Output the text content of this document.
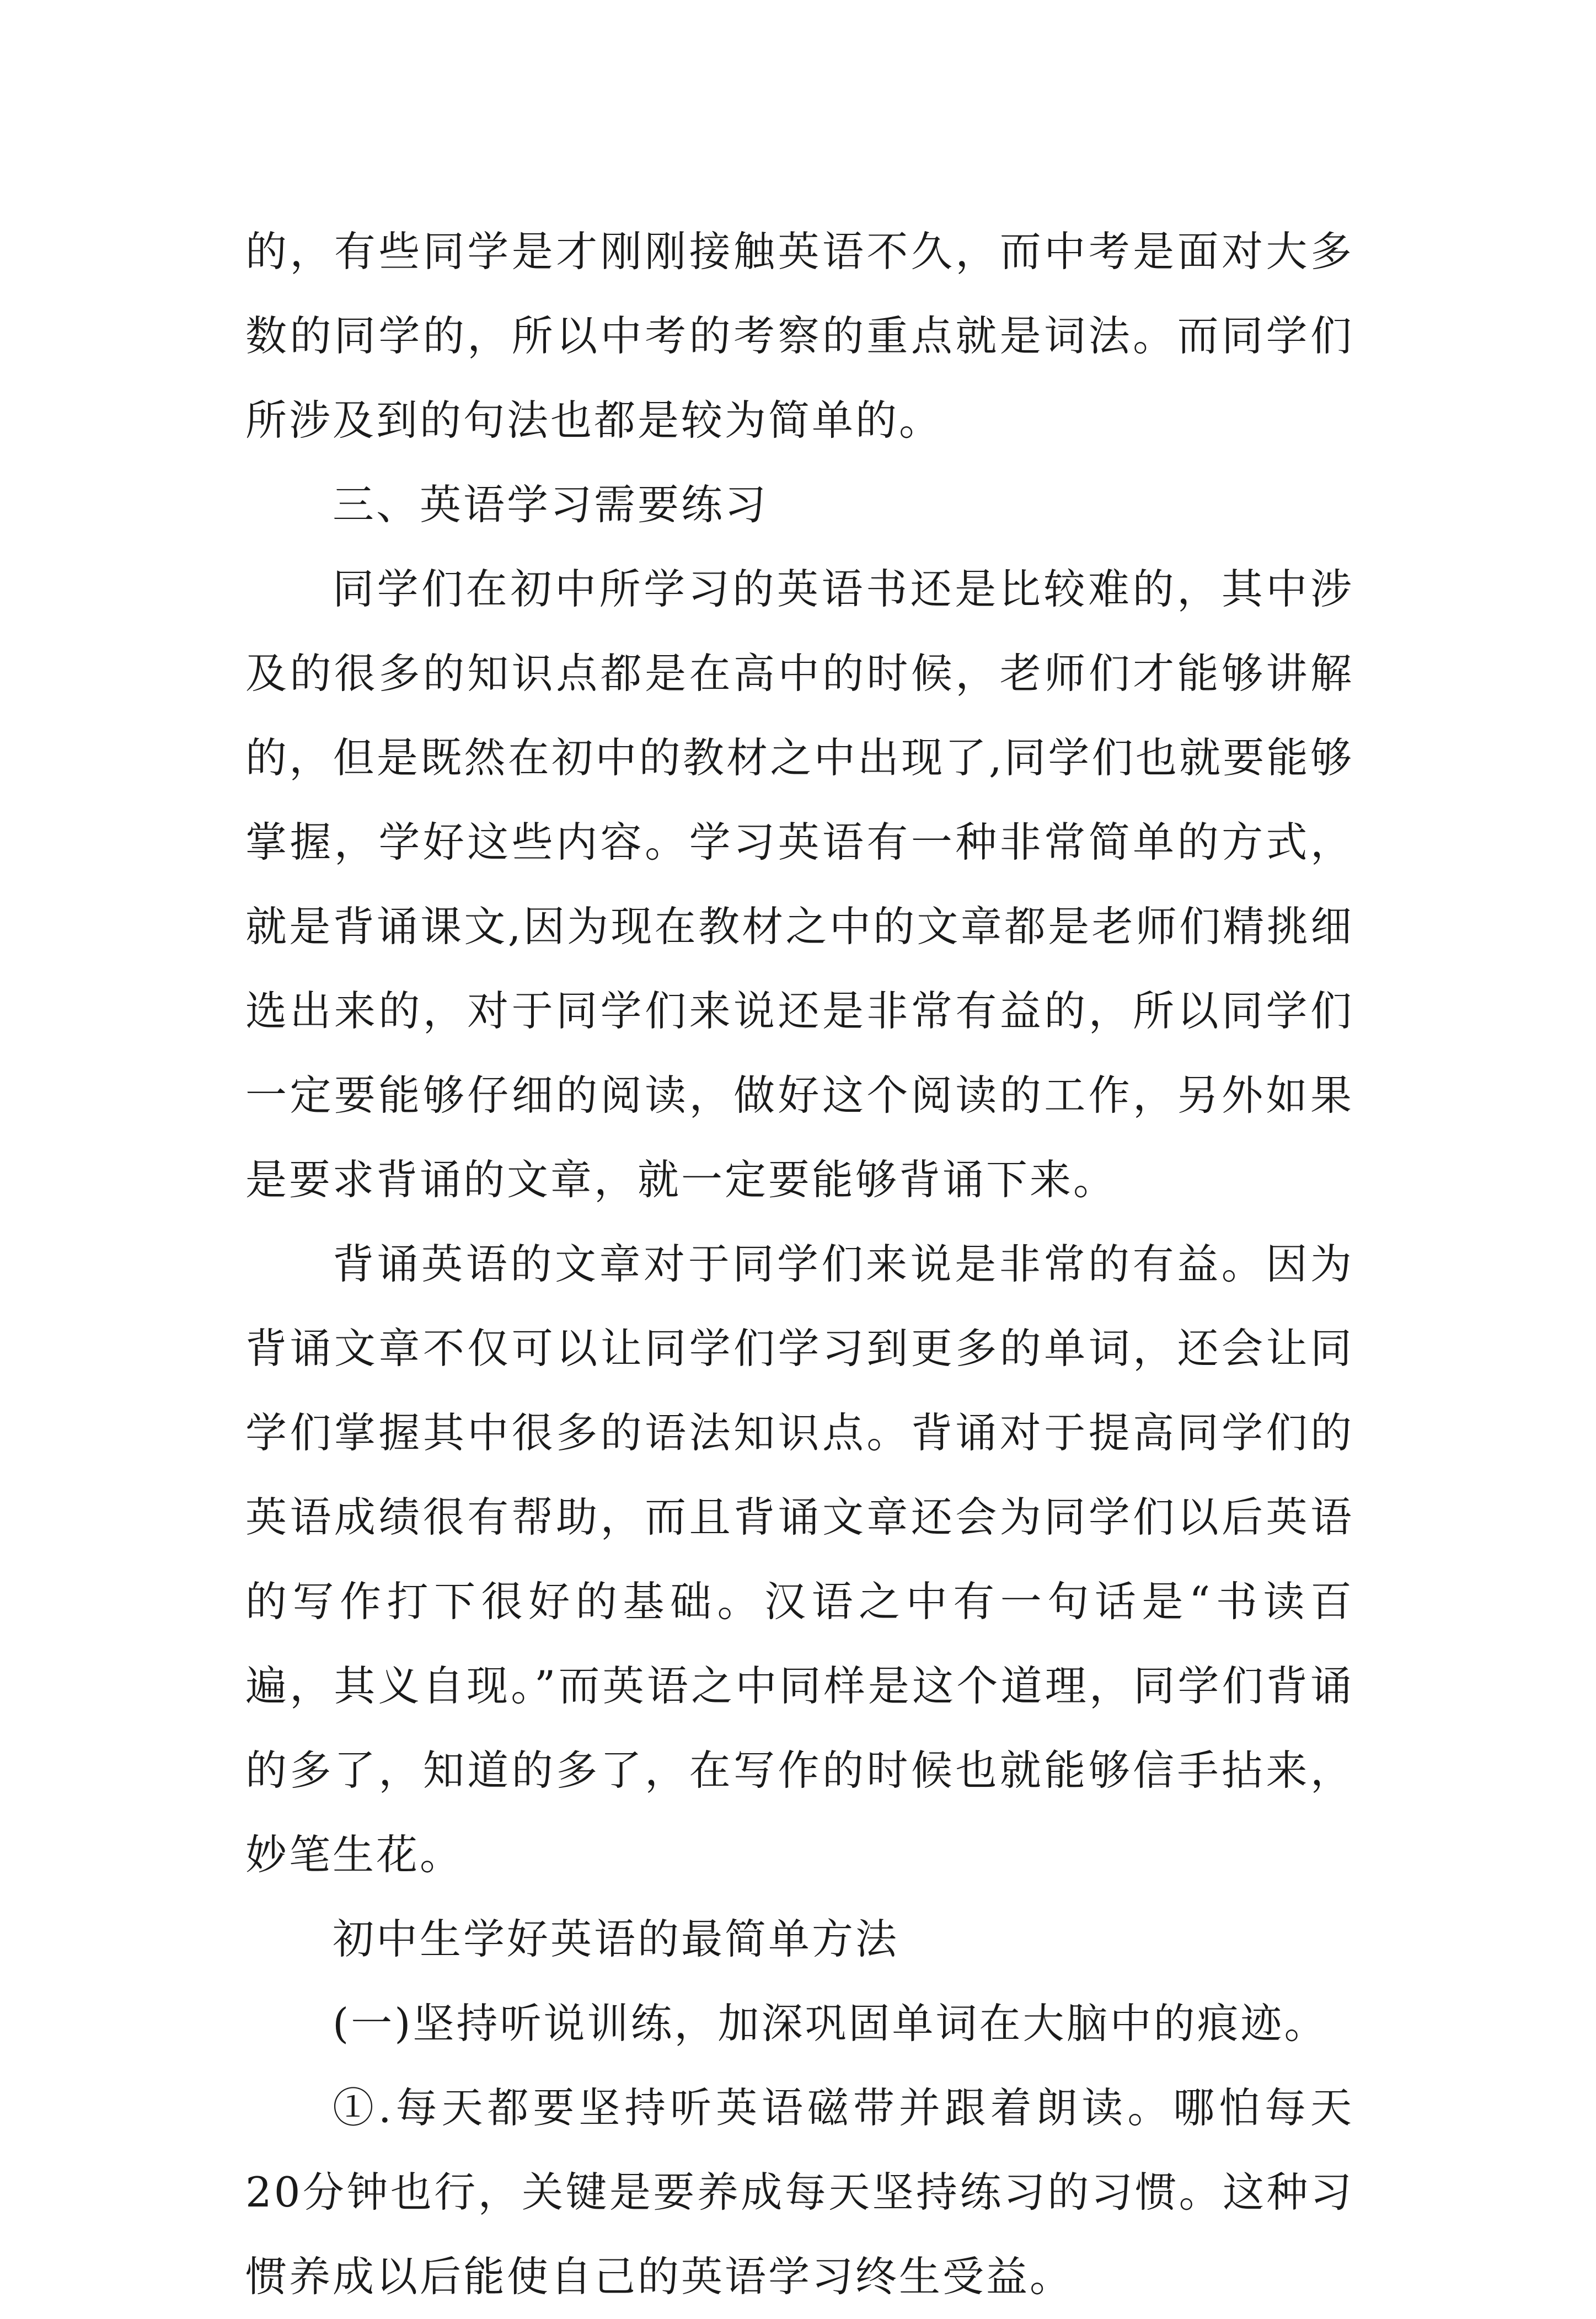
的，有些同学是才刚刚接触英语不久，而中考是面对大多数的同学的，所以中考的考察的重点就是词法。而同学们所涉及到的句法也都是较为简单的。

三、英语学习需要练习

同学们在初中所学习的英语书还是比较难的，其中涉及的很多的知识点都是在高中的时候，老师们才能够讲解的，但是既然在初中的教材之中出现了,同学们也就要能够掌握，学好这些内容。学习英语有一种非常简单的方式，就是背诵课文,因为现在教材之中的文章都是老师们精挑细选出来的，对于同学们来说还是非常有益的，所以同学们一定要能够仔细的阅读，做好这个阅读的工作，另外如果是要求背诵的文章，就一定要能够背诵下来。

背诵英语的文章对于同学们来说是非常的有益。因为背诵文章不仅可以让同学们学习到更多的单词，还会让同学们掌握其中很多的语法知识点。背诵对于提高同学们的英语成绩很有帮助，而且背诵文章还会为同学们以后英语的写作打下很好的基础。汉语之中有一句话是“书读百遍，其义自现。”而英语之中同样是这个道理，同学们背诵的多了，知道的多了，在写作的时候也就能够信手拈来，妙笔生花。

初中生学好英语的最简单方法

(一)坚持听说训练，加深巩固单词在大脑中的痕迹。

①.每天都要坚持听英语磁带并跟着朗读。哪怕每天20分钟也行，关键是要养成每天坚持练习的习惯。这种习惯养成以后能使自己的英语学习终生受益。
